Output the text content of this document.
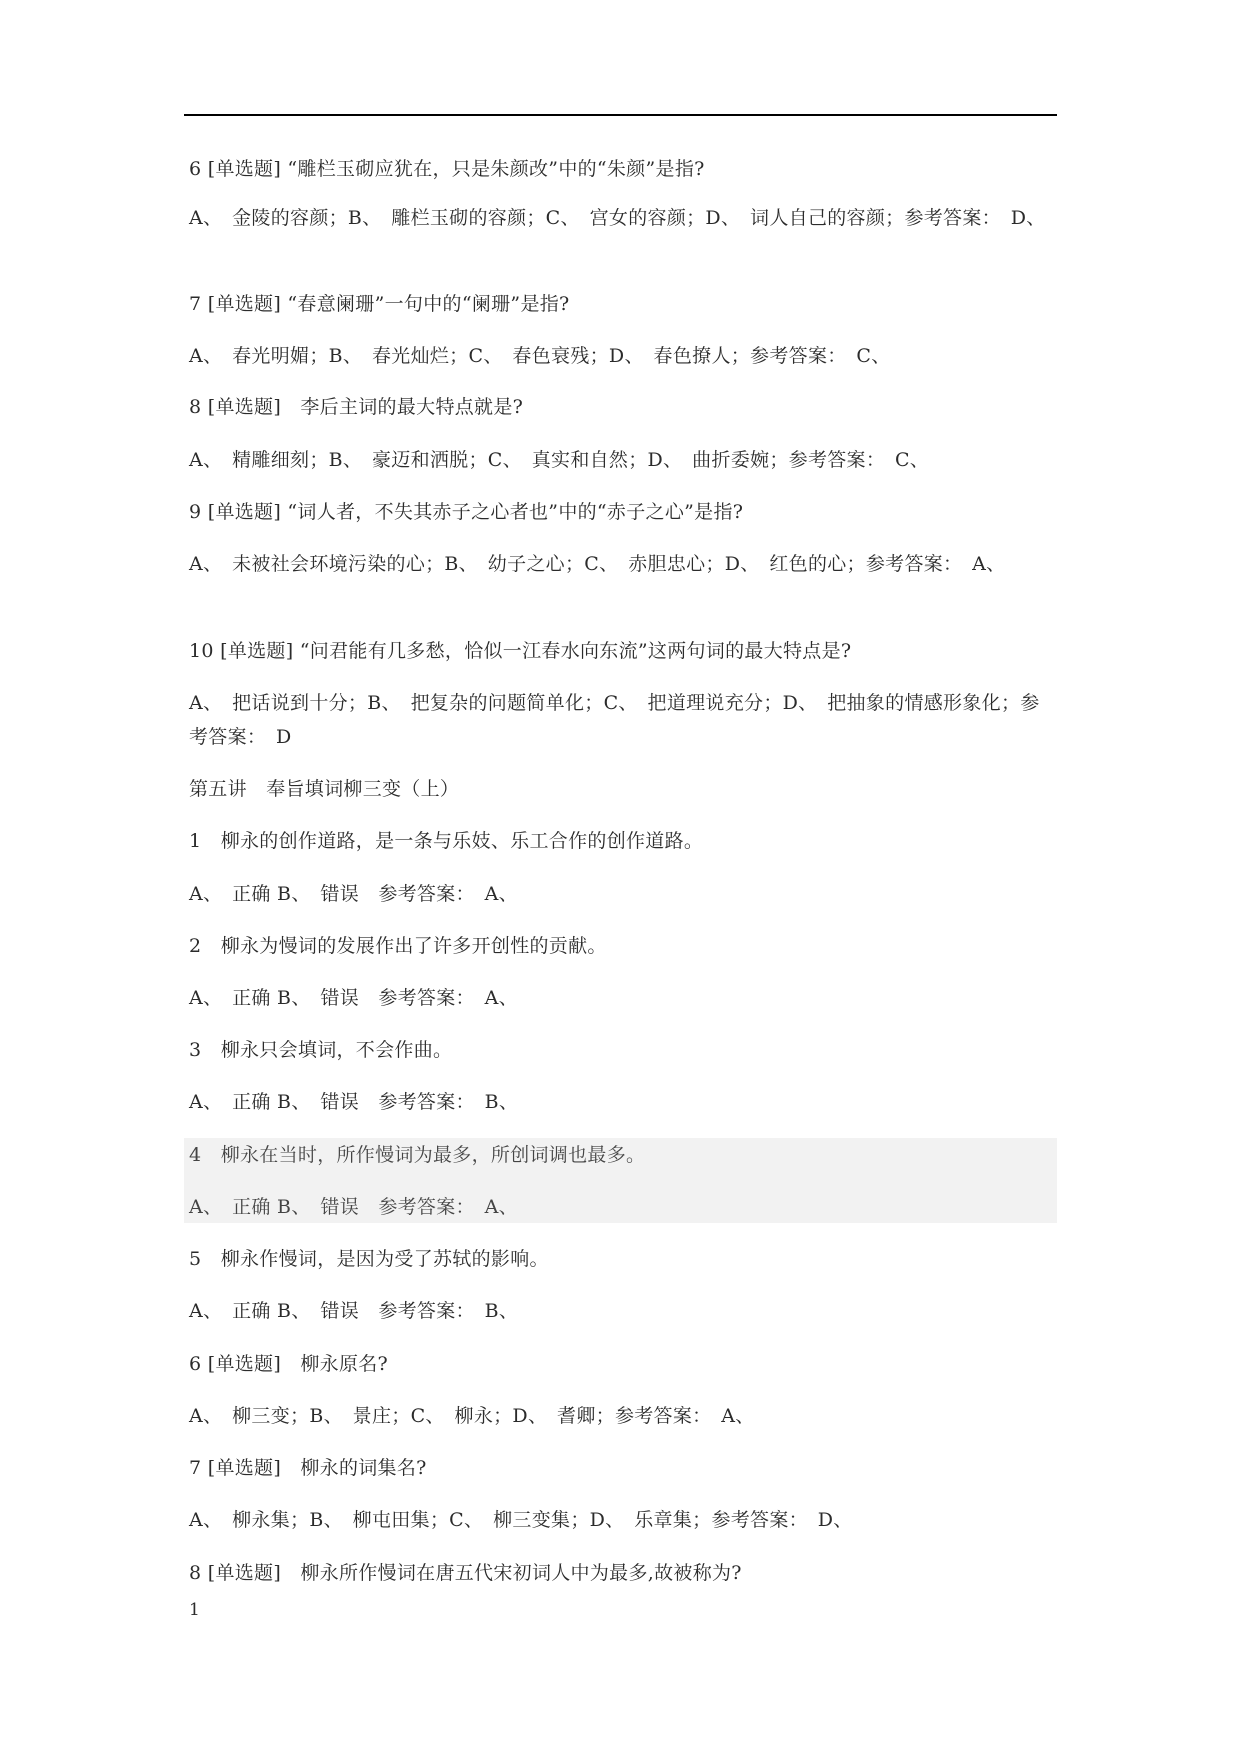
6 [单选题] “雕栏玉砌应犹在，只是朱颜改”中的“朱颜”是指?
A、　金陵的容颜；B、　雕栏玉砌的容颜；C、　宫女的容颜；D、　词人自己的容颜；参考答案：　D、
7 [单选题] “春意阑珊”一句中的“阑珊”是指?
A、　春光明媚；B、　春光灿烂；C、　春色衰残；D、　春色撩人；参考答案：　C、
8 [单选题]　李后主词的最大特点就是?
A、　精雕细刻；B、　豪迈和洒脱；C、　真实和自然；D、　曲折委婉；参考答案：　C、
9 [单选题] “词人者，不失其赤子之心者也”中的“赤子之心”是指?
A、　未被社会环境污染的心；B、　幼子之心；C、　赤胆忠心；D、　红色的心；参考答案：　A、
10 [单选题] “问君能有几多愁，恰似一江春水向东流”这两句词的最大特点是?
A、　把话说到十分；B、　把复杂的问题简单化；C、　把道理说充分；D、　把抽象的情感形象化；参考答案：　D
第五讲　奉旨填词柳三变（上）
1　柳永的创作道路，是一条与乐妓、乐工合作的创作道路。
A、　正确 B、　错误　参考答案：　A、
2　柳永为慢词的发展作出了许多开创性的贡献。
A、　正确 B、　错误　参考答案：　A、
3　柳永只会填词，不会作曲。
A、　正确 B、　错误　参考答案：　B、
4　柳永在当时，所作慢词为最多，所创词调也最多。
A、　正确 B、　错误　参考答案：　A、
5　柳永作慢词，是因为受了苏轼的影响。
A、　正确 B、　错误　参考答案：　B、
6 [单选题]　柳永原名?
A、　柳三变；B、　景庄；C、　柳永；D、　耆卿；参考答案：　A、
7 [单选题]　柳永的词集名?
A、　柳永集；B、　柳屯田集；C、　柳三变集；D、　乐章集；参考答案：　D、
8 [单选题]　柳永所作慢词在唐五代宋初词人中为最多,故被称为?
1
